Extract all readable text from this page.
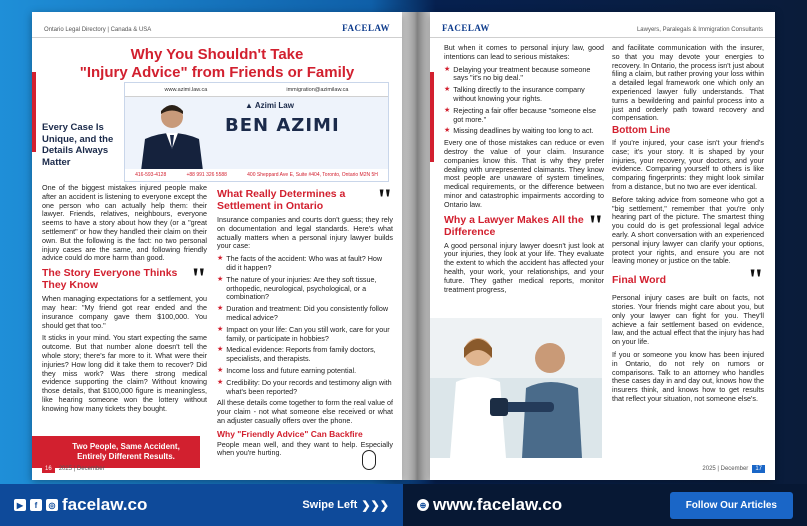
Ontario Legal Directory | Canada & USA	FACELAW
Why You Shouldn't Take
"Injury Advice" from Friends or Family
www.azimi.law.ca	immigration@azimilaw.ca
▲ Azimi Law
BEN AZIMI
416-593-4128	+88 991 326 5588	400 Sheppard Ave E, Suite #404, Toronto, Ontario M2N 5H
Every Case Is Unique, and the Details Always Matter

One of the biggest mistakes injured people make after an accident is listening to everyone except the one person who can actually help them: their lawyer. Friends, relatives, neighbours, everyone seems to have a story about how they (or a "great settlement" or how they handled their claim on their own. But the following is the fact: no two personal injury cases are the same, and following friendly advice could do more harm than good.

The Story Everyone Thinks They Know	"

When managing expectations for a settlement, you may hear: "My friend got rear ended and the insurance company gave them $100,000. You should get that too."

It sticks in your mind. You start expecting the same outcome. But that number alone doesn't tell the whole story; there's far more to it. What were their injuries? How long did it take them to recover? Did they miss work? Was there strong medical evidence supporting the claim? Without knowing those details, that $100,000 figure is meaningless, like hearing someone won the lottery without knowing how many tickets they bought.

Two People, Same Accident, Entirely Different Results.
What Really Determines a Settlement in Ontario	"

Insurance companies and courts don't guess; they rely on documentation and legal standards. Here's what actually matters when a personal injury lawyer builds your case:

★ The facts of the accident: Who was at fault? How did it happen?
★ The nature of your injuries: Are they soft tissue, orthopedic, neurological, psychological, or a combination?
★ Duration and treatment: Did you consistently follow medical advice?
★ Impact on your life: Can you still work, care for your family, or participate in hobbies?
★ Medical evidence: Reports from family doctors, specialists, and therapists.
★ Income loss and future earning potential.
★ Credibility: Do your records and testimony align with what's been reported?

All these details come together to form the real value of your claim - not what someone else received or what an adjuster casually offers over the phone.

Why "Friendly Advice" Can Backfire

People mean well, and they want to help. Especially when you're hurting.

16	2025 | December
FACELAW	Lawyers, Paralegals & Immigration Consultants

But when it comes to personal injury law, good intentions can lead to serious mistakes:

★ Delaying your treatment because someone says "it's no big deal."
★ Talking directly to the insurance company without knowing your rights.
★ Rejecting a fair offer because "someone else got more."
★ Missing deadlines by waiting too long to act.

Every one of those mistakes can reduce or even destroy the value of your claim. Insurance companies know this. That is why they prefer dealing with unrepresented claimants. They know most people are unaware of system timelines, medical requirements, or the difference between minor and catastrophic impairments according to Ontario law.

Why a Lawyer Makes All the Difference	"

A good personal injury lawyer doesn't just look at your injuries, they look at your life. They evaluate the extent to which the accident has affected your health, your work, your relationships, and your future. They gather medical reports, monitor treatment progress,

and facilitate communication with the insurer, so that you may devote your energies to recovery. In Ontario, the process isn't just about filing a claim, but rather proving your loss within a detailed legal framework one which only an experienced lawyer fully understands. That turns a bewildering and painful process into a just and orderly path toward recovery and compensation.

Bottom Line

If you're injured, your case isn't your friend's case; it's your story. It is shaped by your injuries, your recovery, your doctors, and your evidence. Comparing yourself to others is like comparing fingerprints: they might look similar from a distance, but no two are ever identical.

Before taking advice from someone who got a "big settlement," remember that you're only hearing part of the picture. The smartest thing you could do is get professional legal advice early. A short conversation with an experienced personal injury lawyer can clarify your options, protect your rights, and ensure you are not leaving money or justice on the table.

Final Word	"

Personal injury cases are built on facts, not stories. Your friends might care about you, but only your lawyer can fight for you. They'll achieve a fair settlement based on evidence, law, and the actual effect that the injury has had on your life.

If you or someone you know has been injured in Ontario, do not rely on rumors or comparisons. Talk to an attorney who handles these cases day in and day out, knows how the insurers think, and knows how to get results that reflect your situation, not someone else's.

2025 | December	17
▶	f	◎ facelaw.co	Swipe Left ❯❯❯	⊕ www.facelaw.co	Follow Our Articles
